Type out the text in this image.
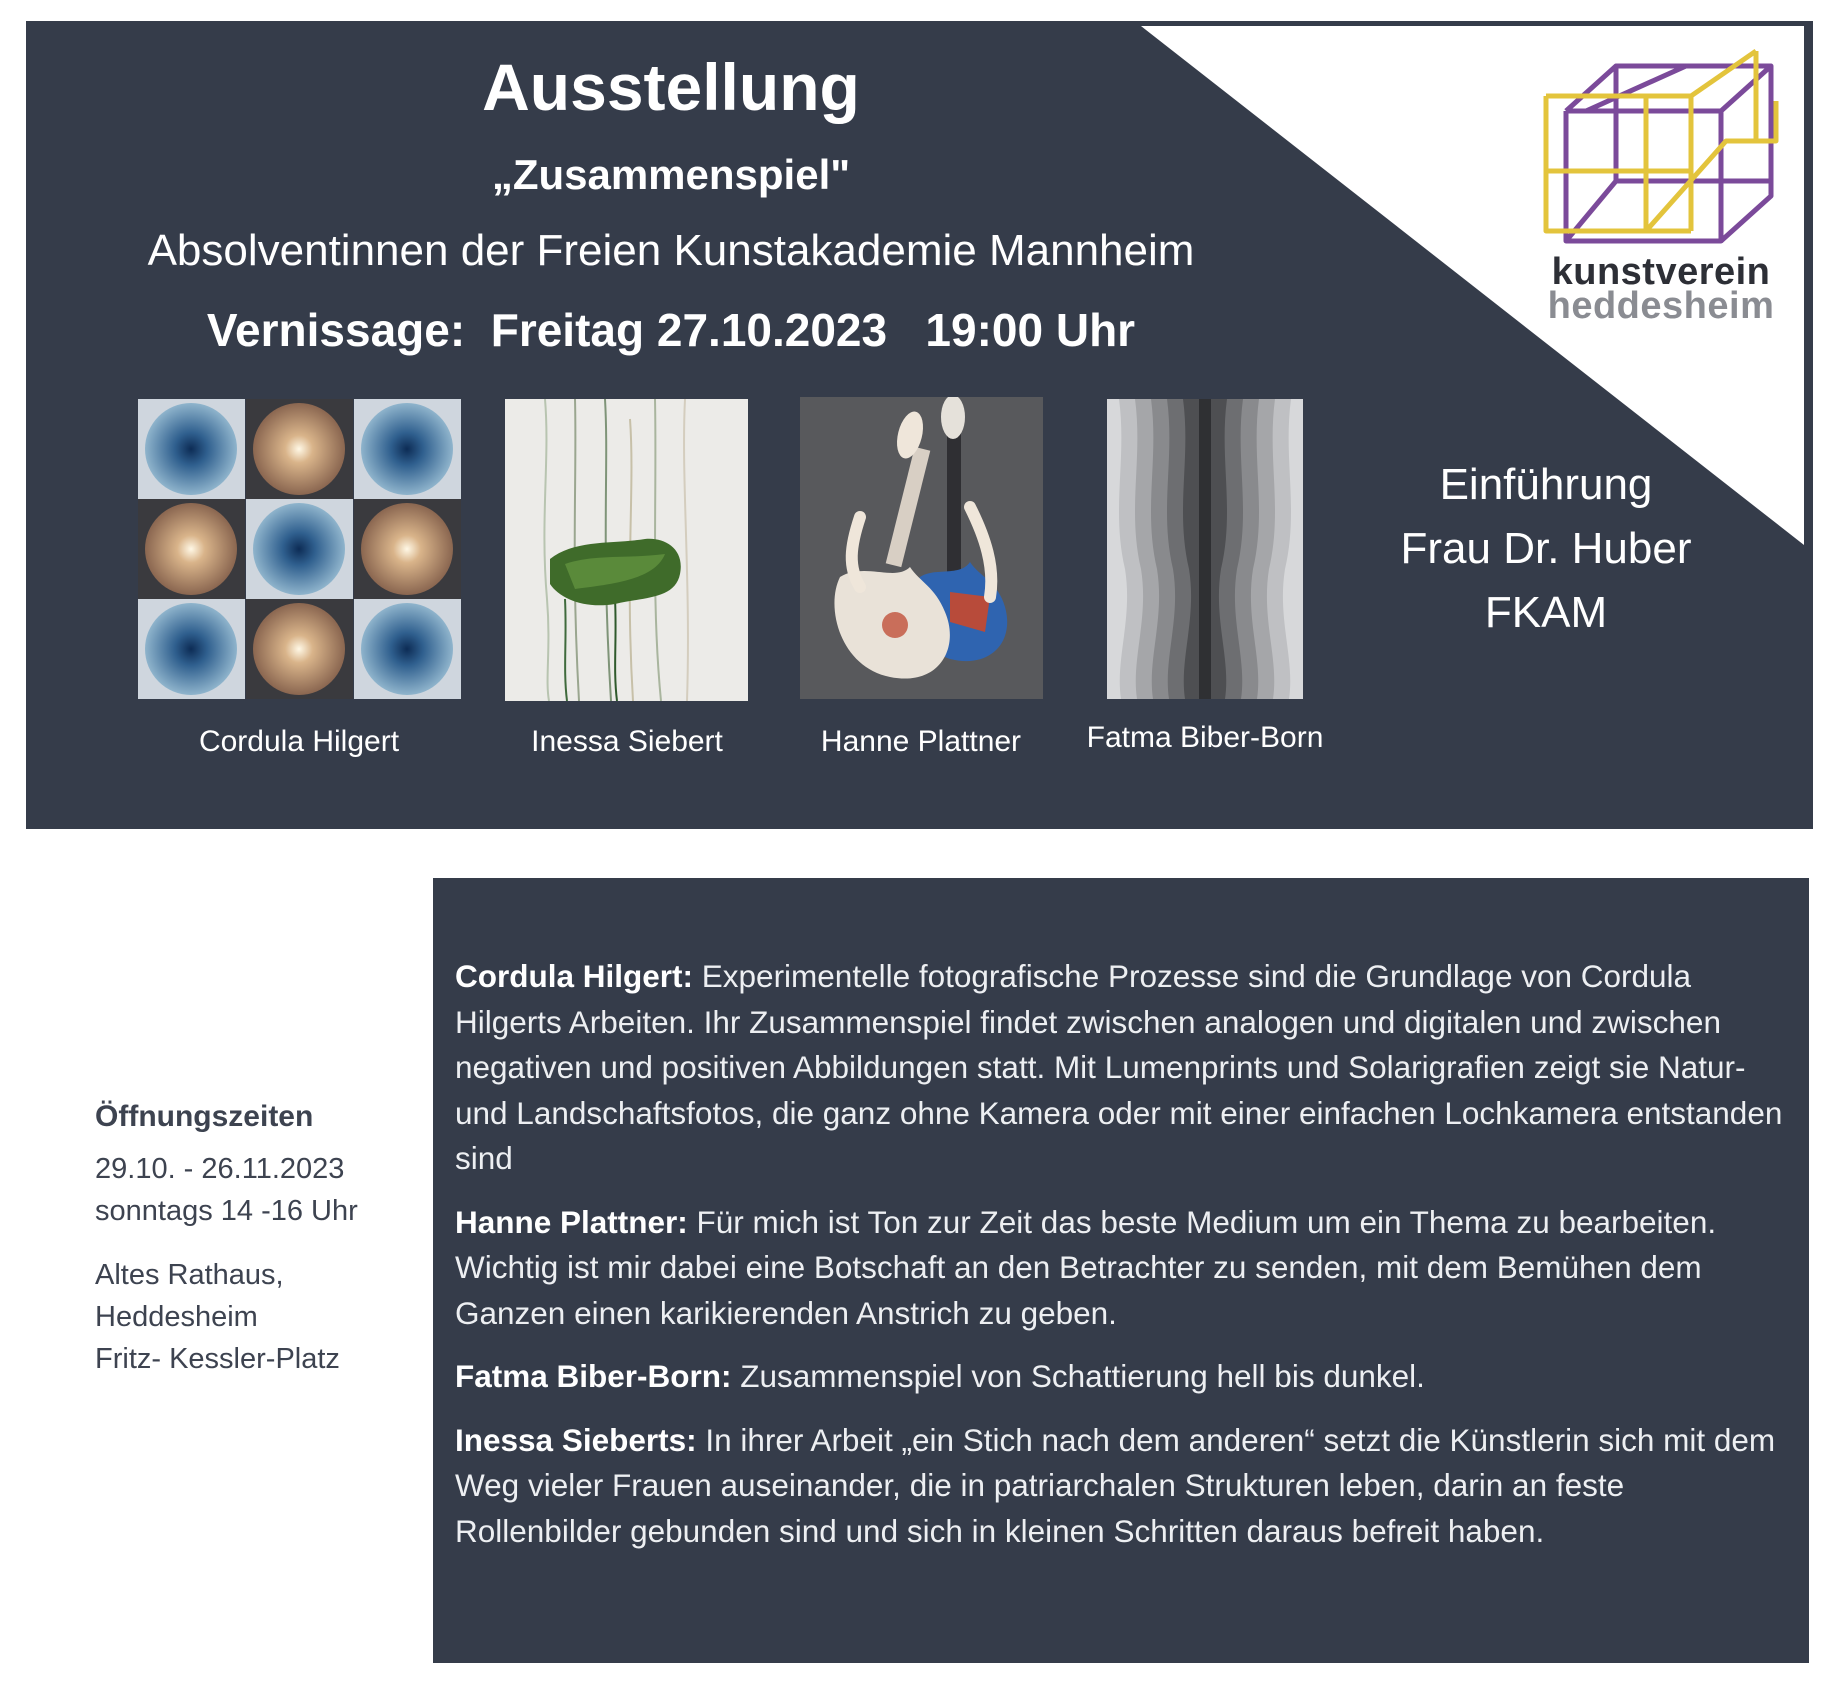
kunstverein
heddesheim
Ausstellung
„Zusammenspiel"
Absolventinnen der Freien Kunstakademie Mannheim
Vernissage:  Freitag 27.10.2023   19:00 Uhr
Cordula Hilgert	Inessa Siebert	Hanne Plattner	Fatma Biber-Born
Einführung
Frau Dr. Huber
FKAM
Öffnungszeiten
29.10. - 26.11.2023
sonntags 14 -16 Uhr
Altes Rathaus,
Heddesheim
Fritz- Kessler-Platz

Cordula Hilgert: Experimentelle fotografische Prozesse sind die Grundlage von Cordula Hilgerts Arbeiten. Ihr Zusammenspiel findet zwischen analogen und digitalen und zwischen negativen und positiven Abbildungen statt. Mit Lumenprints und Solarigrafien zeigt sie Natur- und Landschaftsfotos, die ganz ohne Kamera oder mit einer einfachen Lochkamera entstanden sind

Hanne Plattner: Für mich ist Ton zur Zeit das beste Medium um ein Thema zu bearbeiten. Wichtig ist mir dabei eine Botschaft an den Betrachter zu senden, mit dem Bemühen dem Ganzen einen karikierenden Anstrich zu geben.

Fatma Biber-Born: Zusammenspiel von Schattierung hell bis dunkel.

Inessa Sieberts: In ihrer Arbeit „ein Stich nach dem anderen“ setzt die Künstlerin sich mit dem Weg vieler Frauen auseinander, die in patriarchalen Strukturen leben, darin an feste Rollenbilder gebunden sind und sich in kleinen Schritten daraus befreit haben.
